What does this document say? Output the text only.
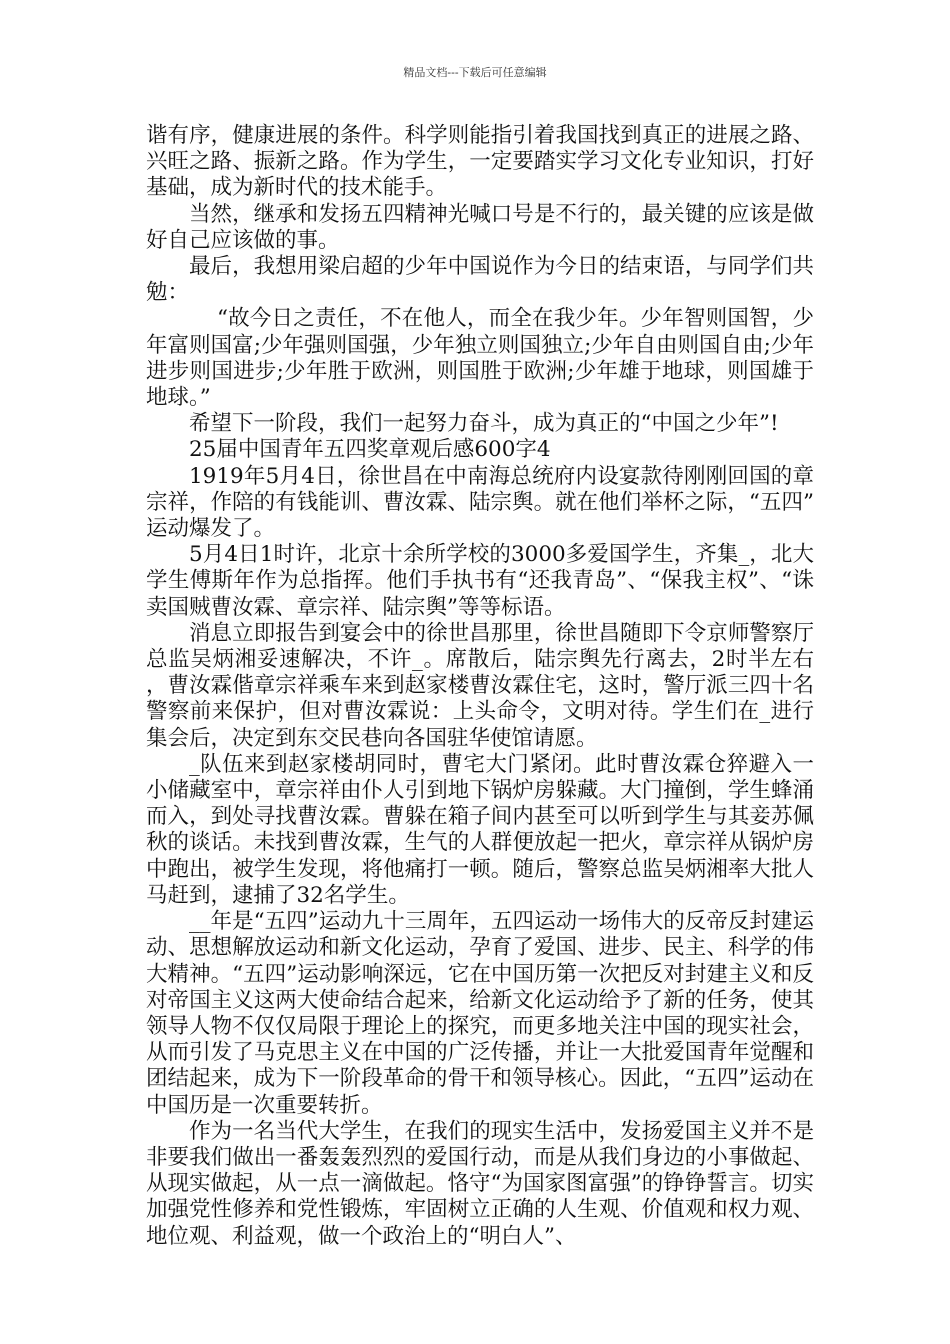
精品文档---下载后可任意编辑

谐有序，健康进展的条件。科学则能指引着我国找到真正的进展之路、兴旺之路、振新之路。作为学生，一定要踏实学习文化专业知识，打好基础，成为新时代的技术能手。

当然，继承和发扬五四精神光喊口号是不行的，最关键的应该是做好自己应该做的事。

最后，我想用梁启超的少年中国说作为今日的结束语，与同学们共勉：

“故今日之责任，不在他人，而全在我少年。少年智则国智，少年富则国富;少年强则国强，少年独立则国独立;少年自由则国自由;少年进步则国进步;少年胜于欧洲，则国胜于欧洲;少年雄于地球，则国雄于地球。”

希望下一阶段，我们一起努力奋斗，成为真正的“中国之少年”!

25届中国青年五四奖章观后感600字4

1919年5月4日，徐世昌在中南海总统府内设宴款待刚刚回国的章宗祥，作陪的有钱能训、曹汝霖、陆宗舆。就在他们举杯之际，“五四”运动爆发了。

5月4日1时许，北京十余所学校的3000多爱国学生，齐集_，北大学生傅斯年作为总指挥。他们手执书有“还我青岛”、“保我主权”、“诛卖国贼曹汝霖、章宗祥、陆宗舆”等等标语。

消息立即报告到宴会中的徐世昌那里，徐世昌随即下令京师警察厅总监吴炳湘妥速解决，不许_。席散后，陆宗舆先行离去，2时半左右，曹汝霖偕章宗祥乘车来到赵家楼曹汝霖住宅，这时，警厅派三四十名警察前来保护，但对曹汝霖说：上头命令，文明对待。学生们在_进行集会后，决定到东交民巷向各国驻华使馆请愿。

_队伍来到赵家楼胡同时，曹宅大门紧闭。此时曹汝霖仓猝避入一小储藏室中，章宗祥由仆人引到地下锅炉房躲藏。大门撞倒，学生蜂涌而入，到处寻找曹汝霖。曹躲在箱子间内甚至可以听到学生与其妾苏佩秋的谈话。未找到曹汝霖，生气的人群便放起一把火，章宗祥从锅炉房中跑出，被学生发现，将他痛打一顿。随后，警察总监吴炳湘率大批人马赶到，逮捕了32名学生。

__年是“五四”运动九十三周年，五四运动一场伟大的反帝反封建运动、思想解放运动和新文化运动，孕育了爱国、进步、民主、科学的伟大精神。“五四”运动影响深远，它在中国历第一次把反对封建主义和反对帝国主义这两大使命结合起来，给新文化运动给予了新的任务，使其领导人物不仅仅局限于理论上的探究，而更多地关注中国的现实社会，从而引发了马克思主义在中国的广泛传播，并让一大批爱国青年觉醒和团结起来，成为下一阶段革命的骨干和领导核心。因此，“五四”运动在中国历是一次重要转折。

作为一名当代大学生，在我们的现实生活中，发扬爱国主义并不是非要我们做出一番轰轰烈烈的爱国行动，而是从我们身边的小事做起、从现实做起，从一点一滴做起。恪守“为国家图富强”的铮铮誓言。切实加强党性修养和党性锻炼，牢固树立正确的人生观、价值观和权力观、地位观、利益观，做一个政治上的“明白人”、
